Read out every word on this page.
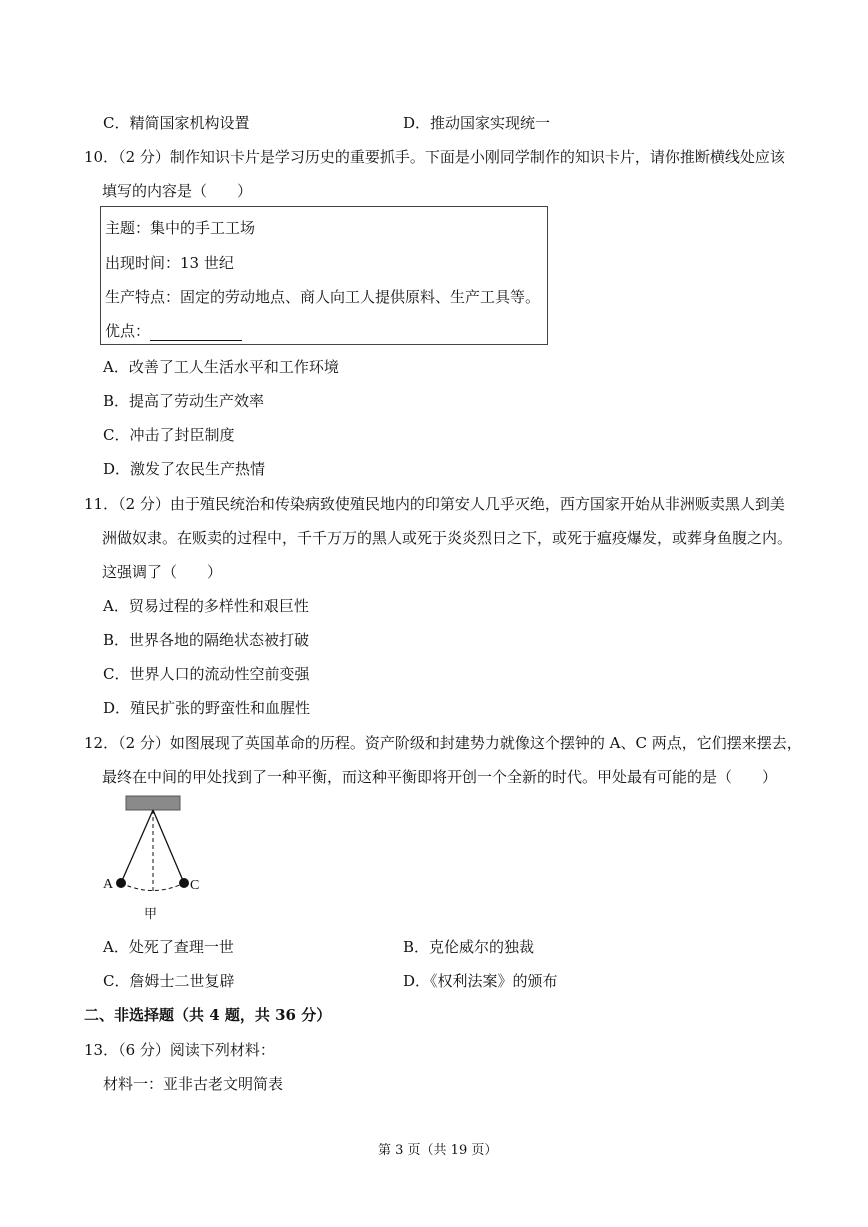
C．精简国家机构设置	D．推动国家实现统一
10．（2 分）制作知识卡片是学习历史的重要抓手。下面是小刚同学制作的知识卡片，请你推断横线处应该
填写的内容是（　　）
主题：集中的手工工场
出现时间：13 世纪
生产特点：固定的劳动地点、商人向工人提供原料、生产工具等。
优点：
A．改善了工人生活水平和工作环境
B．提高了劳动生产效率
C．冲击了封臣制度
D．激发了农民生产热情
11．（2 分）由于殖民统治和传染病致使殖民地内的印第安人几乎灭绝，西方国家开始从非洲贩卖黑人到美
洲做奴隶。在贩卖的过程中，千千万万的黑人或死于炎炎烈日之下，或死于瘟疫爆发，或葬身鱼腹之内。
这强调了（　　）
A．贸易过程的多样性和艰巨性
B．世界各地的隔绝状态被打破
C．世界人口的流动性空前变强
D．殖民扩张的野蛮性和血腥性
12．（2 分）如图展现了英国革命的历程。资产阶级和封建势力就像这个摆钟的 A、C 两点，它们摆来摆去，
最终在中间的甲处找到了一种平衡，而这种平衡即将开创一个全新的时代。甲处最有可能的是（　　）
A	C
甲
A．处死了查理一世	B．克伦威尔的独裁
C．詹姆士二世复辟	D．《权利法案》的颁布
二、非选择题（共 4 题，共 36 分）
13．（6 分）阅读下列材料：
材料一：亚非古老文明简表
第 3 页（共 19 页）
